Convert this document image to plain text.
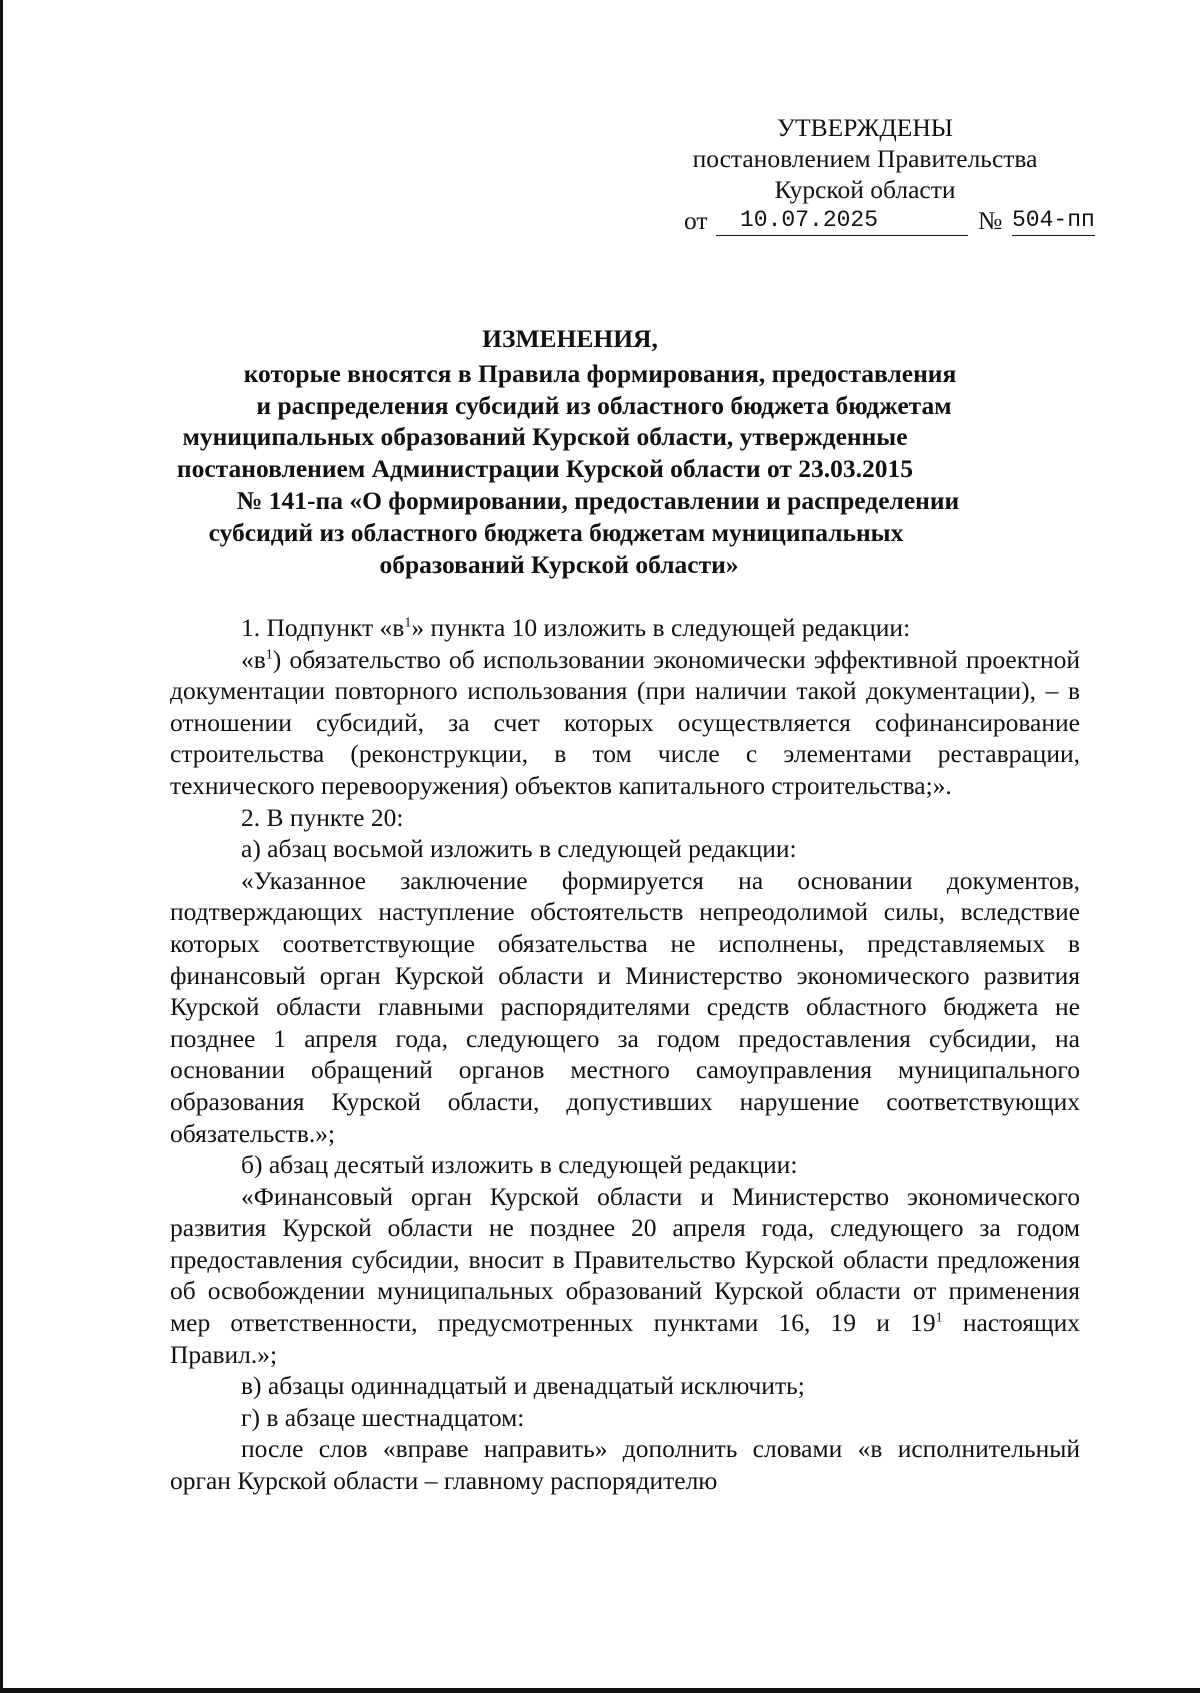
УТВЕРЖДЕНЫ
постановлением Правительства
Курской области
от	10.07.2025	№ 504-пп
ИЗМЕНЕНИЯ,
которые вносятся в Правила формирования, предоставления
и распределения субсидий из областного бюджета бюджетам
муниципальных образований Курской области, утвержденные
постановлением Администрации Курской области от 23.03.2015
№ 141-па «О формировании, предоставлении и распределении
субсидий из областного бюджета бюджетам муниципальных
образований Курской области»

1. Подпункт «$в^1$» пункта 10 изложить в следующей редакции:

«$в^1$) обязательство об использовании экономически эффективной проектной документации повторного использования (при наличии такой документации), – в отношении субсидий, за счет которых осуществляется софинансирование строительства (реконструкции, в том числе с элементами реставрации, технического перевооружения) объектов капитального строительства;».

2. В пункте 20:

а) абзац восьмой изложить в следующей редакции:

«Указанное заключение формируется на основании документов, подтверждающих наступление обстоятельств непреодолимой силы, вследствие которых соответствующие обязательства не исполнены, представляемых в финансовый орган Курской области и Министерство экономического развития Курской области главными распорядителями средств областного бюджета не позднее 1 апреля года, следующего за годом предоставления субсидии, на основании обращений органов местного самоуправления муниципального образования Курской области, допустивших нарушение соответствующих обязательств.»;

б) абзац десятый изложить в следующей редакции:

«Финансовый орган Курской области и Министерство экономического развития Курской области не позднее 20 апреля года, следующего за годом предоставления субсидии, вносит в Правительство Курской области предложения об освобождении муниципальных образований Курской области от применения мер ответственности, предусмотренных пунктами 16, 19 и $19^1$ настоящих Правил.»;

в) абзацы одиннадцатый и двенадцатый исключить;

г) в абзаце шестнадцатом:

после слов «вправе направить» дополнить словами «в исполнительный орган Курской области – главному распорядителю
